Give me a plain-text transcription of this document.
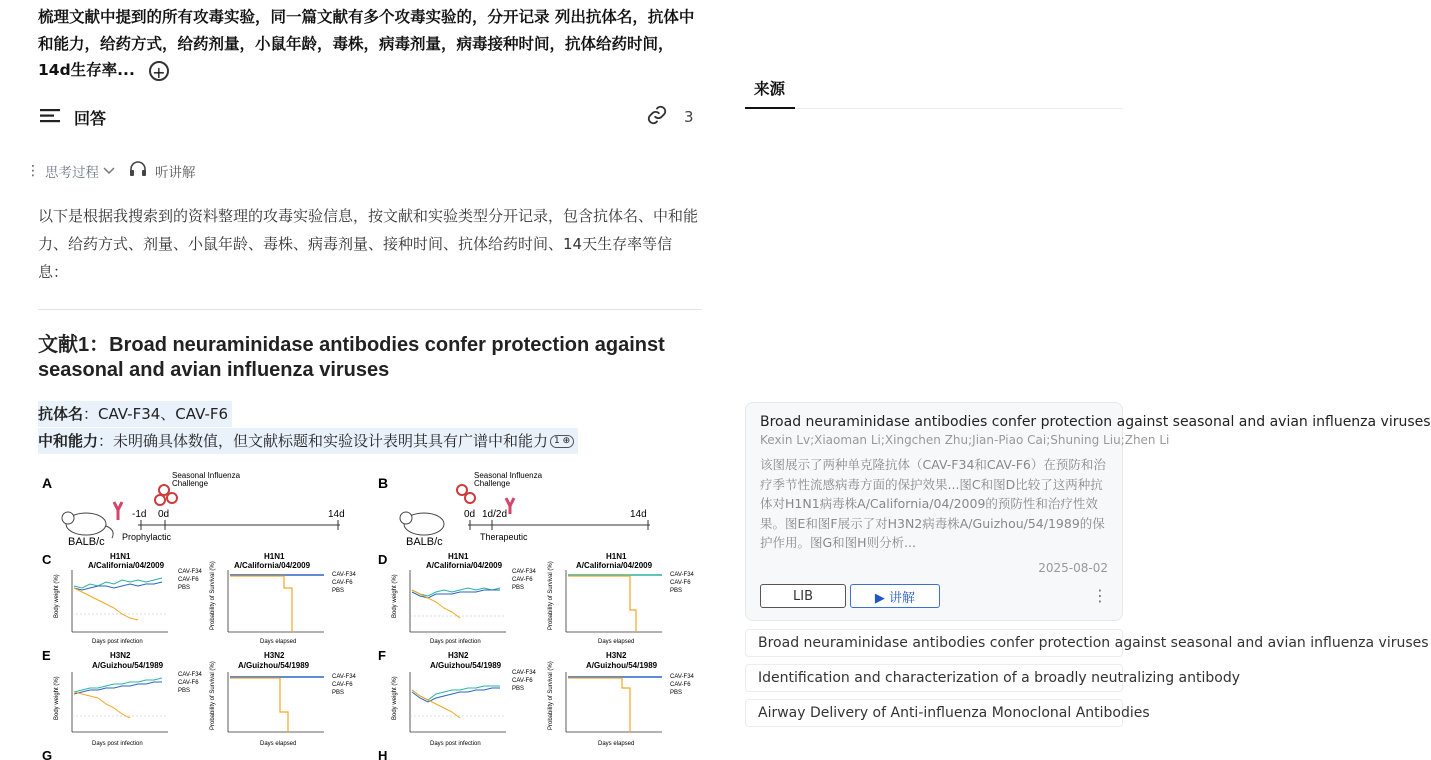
梳理文献中提到的所有攻毒实验，同一篇文献有多个攻毒实验的，分开记录 列出抗体名，抗体中和能力，给药方式，给药剂量，小鼠年龄，毒株，病毒剂量，病毒接种时间，抗体给药时间，14d生存率... +
回答	3
⋮ 思考过程	听讲解
以下是根据我搜索到的资料整理的攻毒实验信息，按文献和实验类型分开记录，包含抗体名、中和能力、给药方式、剂量、小鼠年龄、毒株、病毒剂量、接种时间、抗体给药时间、14天生存率等信息：
文献1：Broad neuraminidase antibodies confer protection against seasonal and avian influenza viruses
抗体名：CAV-F34、CAV-F6
中和能力：未明确具体数值，但文献标题和实验设计表明其具有广谱中和能力 1 ⊕
A
BALB/c
Seasonal Influenza
Challenge
-1d 0d	14d
Prophylactic
B
BALB/c
Seasonal Influenza
Challenge
0d 1d/2d	14d
Therapeutic
C	D
E	F
G	H
H1N1
A/California/04/2009
H1N1
A/California/04/2009
H1N1
A/California/04/2009
H1N1
A/California/04/2009
H3N2
A/Guizhou/54/1989
H3N2
A/Guizhou/54/1989
H3N2
A/Guizhou/54/1989
H3N2
A/Guizhou/54/1989
Body weight (%)
Days post infection
CAV-F34
CAV-F6
PBS	Probability of Survival (%)
Days elapsed
CAV-F34
CAV-F6
PBS	Body weight (%)
Days post infection
CAV-F34
CAV-F6
PBS	Probability of Survival (%)
Days elapsed
CAV-F34
CAV-F6
PBS
Body weight (%)
Days post infection
CAV-F34
CAV-F6
PBS	Probability of Survival (%)
Days elapsed
CAV-F34
CAV-F6
PBS	Body weight (%)
Days post infection
CAV-F34
CAV-F6
PBS	Probability of Survival (%)
Days elapsed
CAV-F34
CAV-F6
PBS
来源
Broad neuraminidase antibodies confer protection against seasonal and avian influenza viruses
Kexin Lv;Xiaoman Li;Xingchen Zhu;Jian-Piao Cai;Shuning Liu;Zhen Li
该图展示了两种单克隆抗体（CAV-F34和CAV-F6）在预防和治疗季节性流感病毒方面的保护效果...图C和图D比较了这两种抗体对H1N1病毒株A/California/04/2009的预防性和治疗性效果。图E和图F展示了对H3N2病毒株A/Guizhou/54/1989的保护作用。图G和图H则分析...
2025-08-02
LIB	▶ 讲解	⋮
Broad neuraminidase antibodies confer protection against seasonal and avian influenza viruses
Identification and characterization of a broadly neutralizing antibody
Airway Delivery of Anti-influenza Monoclonal Antibodies
